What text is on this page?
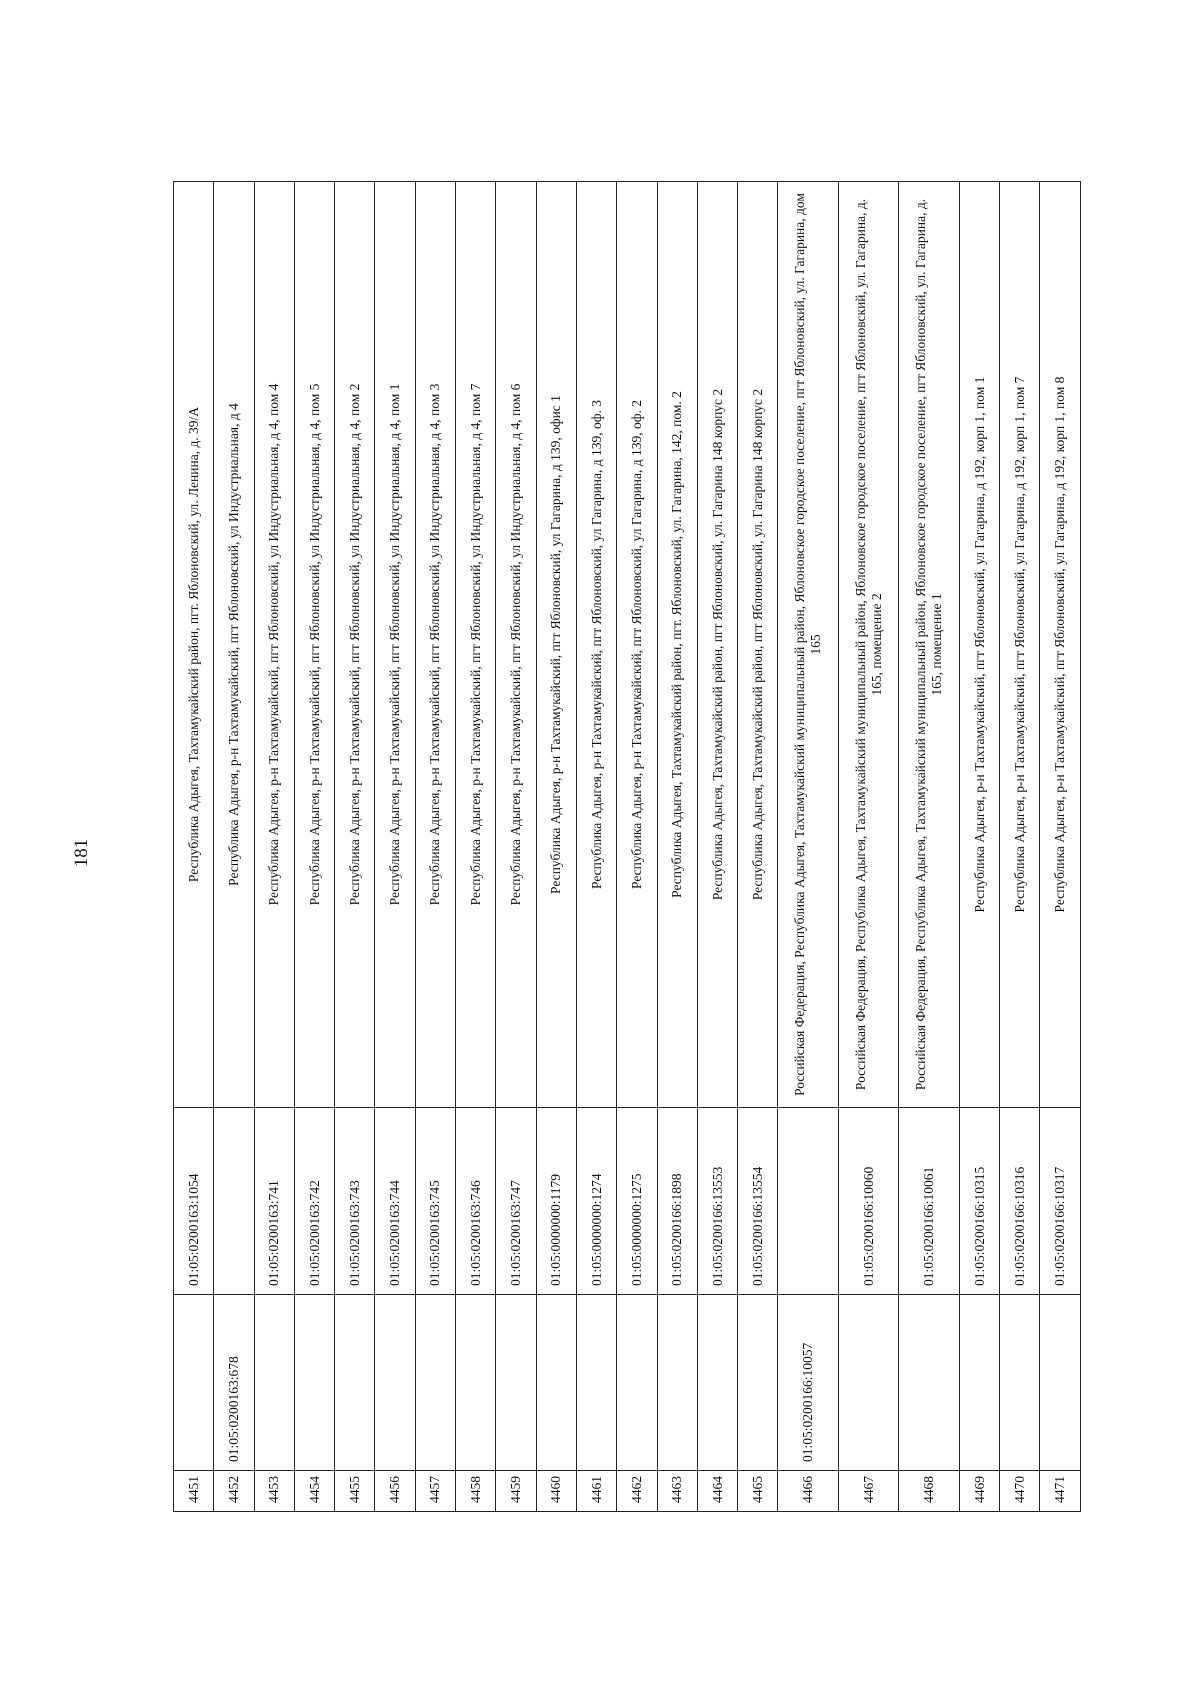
181
4451		01:05:0200163:1054	Республика Адыгея, Тахтамукайский район, пгт. Яблоновский, ул. Ленина, д. 39/А
4452	01:05:0200163:678		Республика Адыгея, р-н Тахтамукайский, пгт Яблоновский, ул Индустриальная, д 4
4453		01:05:0200163:741	Республика Адыгея, р-н Тахтамукайский, пгт Яблоновский, ул Индустриальная, д 4, пом 4
4454		01:05:0200163:742	Республика Адыгея, р-н Тахтамукайский, пгт Яблоновский, ул Индустриальная, д 4, пом 5
4455		01:05:0200163:743	Республика Адыгея, р-н Тахтамукайский, пгт Яблоновский, ул Индустриальная, д 4, пом 2
4456		01:05:0200163:744	Республика Адыгея, р-н Тахтамукайский, пгт Яблоновский, ул Индустриальная, д 4, пом 1
4457		01:05:0200163:745	Республика Адыгея, р-н Тахтамукайский, пгт Яблоновский, ул Индустриальная, д 4, пом 3
4458		01:05:0200163:746	Республика Адыгея, р-н Тахтамукайский, пгт Яблоновский, ул Индустриальная, д 4, пом 7
4459		01:05:0200163:747	Республика Адыгея, р-н Тахтамукайский, пгт Яблоновский, ул Индустриальная, д 4, пом 6
4460		01:05:0000000:1179	Республика Адыгея, р-н Тахтамукайский, пгт Яблоновский, ул Гагарина, д 139, офис 1
4461		01:05:0000000:1274	Республика Адыгея, р-н Тахтамукайский, пгт Яблоновский, ул Гагарина, д 139, оф. 3
4462		01:05:0000000:1275	Республика Адыгея, р-н Тахтамукайский, пгт Яблоновский, ул Гагарина, д 139, оф. 2
4463		01:05:0200166:1898	Республика Адыгея, Тахтамукайский район, пгт. Яблоновский, ул. Гагарина, 142, пом. 2
4464		01:05:0200166:13553	Республика Адыгея, Тахтамукайский район, пгт Яблоновский, ул. Гагарина 148 корпус 2
4465		01:05:0200166:13554	Республика Адыгея, Тахтамукайский район, пгт Яблоновский, ул. Гагарина 148 корпус 2
4466	01:05:0200166:10057		Российская Федерация, Республика Адыгея, Тахтамукайский муниципальный район, Яблоновское городское поселение, пгт Яблоновский, ул. Гагарина, дом 165
4467		01:05:0200166:10060	Российская Федерация, Республика Адыгея, Тахтамукайский муниципальный район, Яблоновское городское поселение, пгт Яблоновский, ул. Гагарина, д. 165, помещение 2
4468		01:05:0200166:10061	Российская Федерация, Республика Адыгея, Тахтамукайский муниципальный район, Яблоновское городское поселение, пгт Яблоновский, ул. Гагарина, д. 165, помещение 1
4469		01:05:0200166:10315	Республика Адыгея, р-н Тахтамукайский, пгт Яблоновский, ул Гагарина, д 192, корп 1, пом 1
4470		01:05:0200166:10316	Республика Адыгея, р-н Тахтамукайский, пгт Яблоновский, ул Гагарина, д 192, корп 1, пом 7
4471		01:05:0200166:10317	Республика Адыгея, р-н Тахтамукайский, пгт Яблоновский, ул Гагарина, д 192, корп 1, пом 8
